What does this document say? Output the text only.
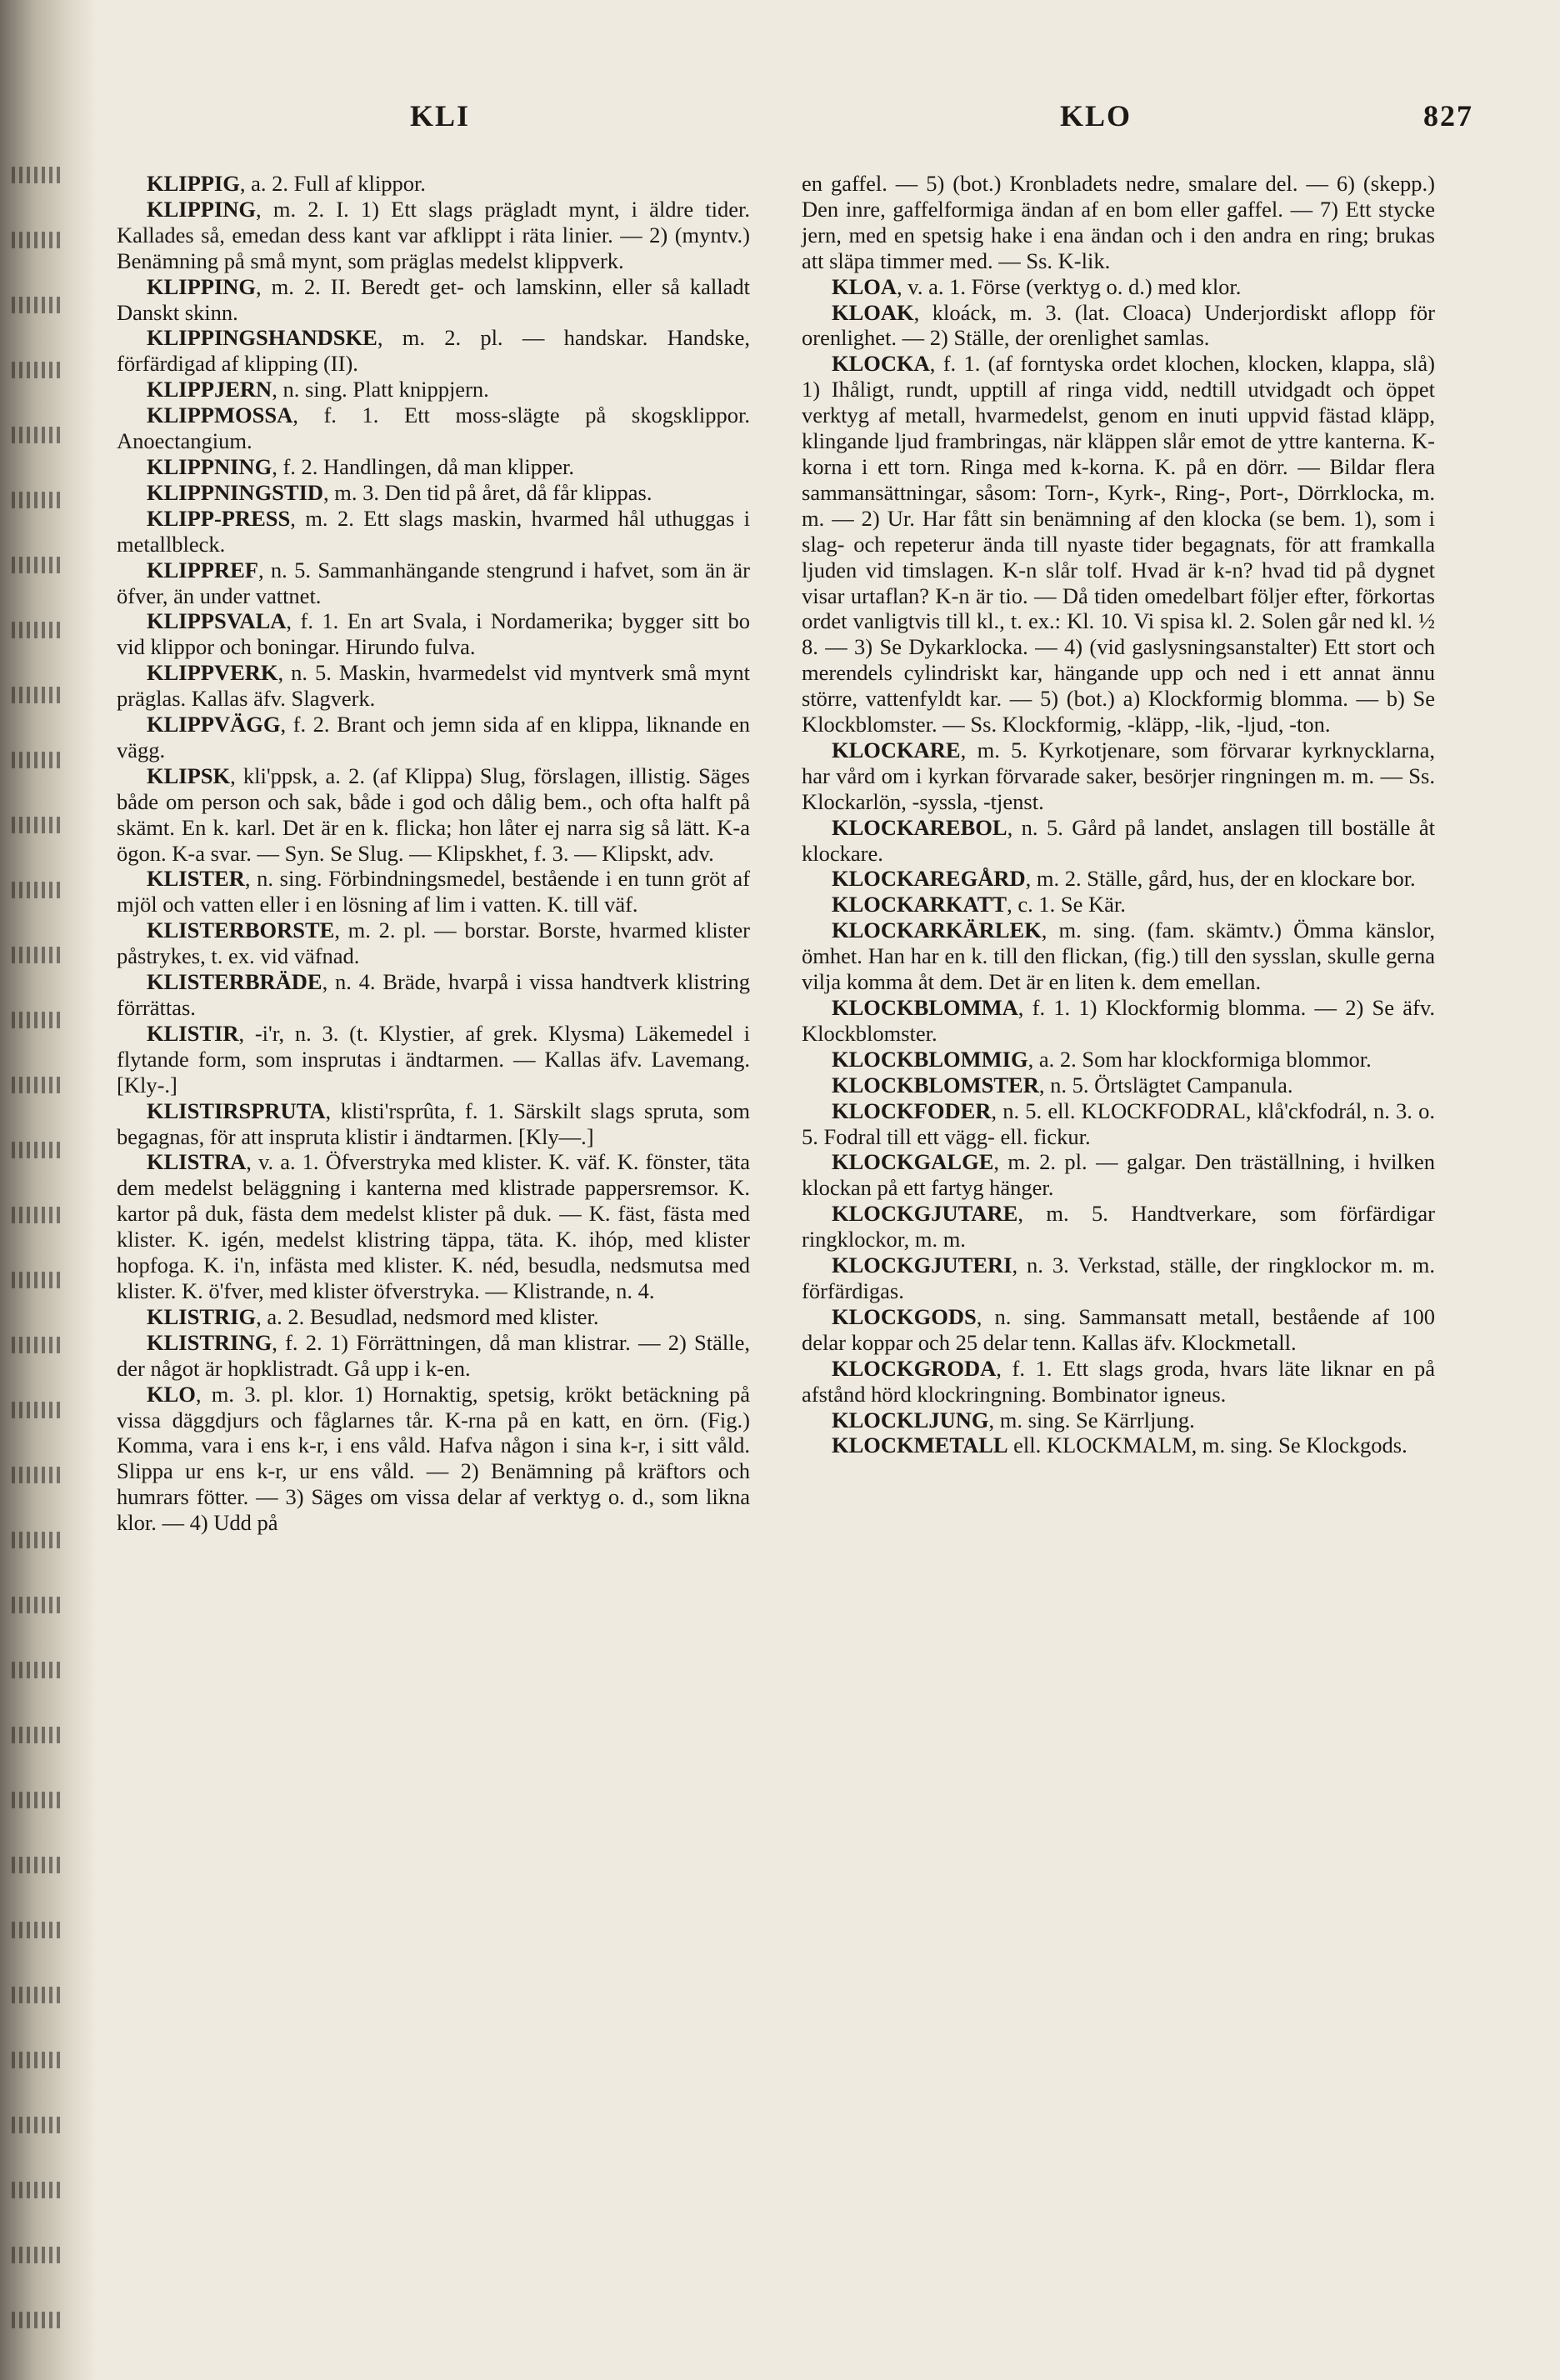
KLI	KLO	827

KLIPPIG, a. 2. Full af klippor.

KLIPPING, m. 2. I. 1) Ett slags prägladt mynt, i äldre tider. Kallades så, emedan dess kant var afklippt i räta linier. — 2) (myntv.) Benämning på små mynt, som präglas medelst klippverk.

KLIPPING, m. 2. II. Beredt get- och lamskinn, eller så kalladt Danskt skinn.

KLIPPINGSHANDSKE, m. 2. pl. — handskar. Handske, förfärdigad af klipping (II).

KLIPPJERN, n. sing. Platt knippjern.

KLIPPMOSSA, f. 1. Ett moss-slägte på skogsklippor. Anoectangium.

KLIPPNING, f. 2. Handlingen, då man klipper.

KLIPPNINGSTID, m. 3. Den tid på året, då får klippas.

KLIPP-PRESS, m. 2. Ett slags maskin, hvarmed hål uthuggas i metallbleck.

KLIPPREF, n. 5. Sammanhängande stengrund i hafvet, som än är öfver, än under vattnet.

KLIPPSVALA, f. 1. En art Svala, i Nordamerika; bygger sitt bo vid klippor och boningar. Hirundo fulva.

KLIPPVERK, n. 5. Maskin, hvarmedelst vid myntverk små mynt präglas. Kallas äfv. Slagverk.

KLIPPVÄGG, f. 2. Brant och jemn sida af en klippa, liknande en vägg.

KLIPSK, kli'ppsk, a. 2. (af Klippa) Slug, förslagen, illistig. Säges både om person och sak, både i god och dålig bem., och ofta halft på skämt. En k. karl. Det är en k. flicka; hon låter ej narra sig så lätt. K-a ögon. K-a svar. — Syn. Se Slug. — Klipskhet, f. 3. — Klipskt, adv.

KLISTER, n. sing. Förbindningsmedel, bestående i en tunn gröt af mjöl och vatten eller i en lösning af lim i vatten. K. till väf.

KLISTERBORSTE, m. 2. pl. — borstar. Borste, hvarmed klister påstrykes, t. ex. vid väfnad.

KLISTERBRÄDE, n. 4. Bräde, hvarpå i vissa handtverk klistring förrättas.

KLISTIR, -i'r, n. 3. (t. Klystier, af grek. Klysma) Läkemedel i flytande form, som insprutas i ändtarmen. — Kallas äfv. Lavemang. [Kly-.]

KLISTIRSPRUTA, klisti'rsprûta, f. 1. Särskilt slags spruta, som begagnas, för att insprutа klistir i ändtarmen. [Kly—.]

KLISTRA, v. a. 1. Öfverstryka med klister. K. väf. K. fönster, täta dem medelst beläggning i kanterna med klistrade pappersremsor. K. kartor på duk, fästa dem medelst klister på duk. — K. fäst, fästa med klister. K. igén, medelst klistring täppa, täta. K. ihóp, med klister hopfoga. K. i'n, infästa med klister. K. néd, besudla, nedsmutsa med klister. K. ö'fver, med klister öfverstryka. — Klistrande, n. 4.

KLISTRIG, a. 2. Besudlad, nedsmord med klister.

KLISTRING, f. 2. 1) Förrättningen, då man klistrar. — 2) Ställe, der något är hopklistradt. Gå upp i k-en.

KLO, m. 3. pl. klor. 1) Hornaktig, spetsig, krökt betäckning på vissa däggdjurs och fåglarnes tår. K-rna på en katt, en örn. (Fig.) Komma, vara i ens k-r, i ens våld. Hafva någon i sina k-r, i sitt våld. Slippa ur ens k-r, ur ens våld. — 2) Benämning på kräftors och humrars fötter. — 3) Säges om vissa delar af verktyg o. d., som likna klor. — 4) Udd på

en gaffel. — 5) (bot.) Kronbladets nedre, smalare del. — 6) (skepp.) Den inre, gaffelformiga ändan af en bom eller gaffel. — 7) Ett stycke jern, med en spetsig hake i ena ändan och i den andra en ring; brukas att släpa timmer med. — Ss. K-lik.

KLOA, v. a. 1. Förse (verktyg o. d.) med klor.

KLOAK, kloáck, m. 3. (lat. Cloaca) Underjordiskt aflopp för orenlighet. — 2) Ställe, der orenlighet samlas.

KLOCKA, f. 1. (af forntyska ordet klochen, klocken, klappa, slå) 1) Ihåligt, rundt, upptill af ringa vidd, nedtill utvidgadt och öppet verktyg af metall, hvarmedelst, genom en inuti uppvid fästad kläpp, klingande ljud frambringas, när kläppen slår emot de yttre kanterna. K-korna i ett torn. Ringa med k-korna. K. på en dörr. — Bildar flera sammansättningar, såsom: Torn-, Kyrk-, Ring-, Port-, Dörrklocka, m. m. — 2) Ur. Har fått sin benämning af den klocka (se bem. 1), som i slag- och repeterur ända till nyaste tider begagnats, för att framkalla ljuden vid timslagen. K-n slår tolf. Hvad är k-n? hvad tid på dygnet visar urtaflan? K-n är tio. — Då tiden omedelbart följer efter, förkortas ordet vanligtvis till kl., t. ex.: Kl. 10. Vi spisa kl. 2. Solen går ned kl. ½ 8. — 3) Se Dykarklocka. — 4) (vid gaslysningsanstalter) Ett stort och merendels cylindriskt kar, hängande upp och ned i ett annat ännu större, vattenfyldt kar. — 5) (bot.) a) Klockformig blomma. — b) Se Klockblomster. — Ss. Klockformig, -kläpp, -lik, -ljud, -ton.

KLOCKARE, m. 5. Kyrkotjenare, som förvarar kyrknycklarna, har vård om i kyrkan förvarade saker, besörjer ringningen m. m. — Ss. Klockarlön, -syssla, -tjenst.

KLOCKAREBOL, n. 5. Gård på landet, anslagen till boställe åt klockare.

KLOCKAREGÅRD, m. 2. Ställe, gård, hus, der en klockare bor.

KLOCKARKATT, c. 1. Se Kär.

KLOCKARKÄRLEK, m. sing. (fam. skämtv.) Ömma känslor, ömhet. Han har en k. till den flickan, (fig.) till den sysslan, skulle gerna vilja komma åt dem. Det är en liten k. dem emellan.

KLOCKBLOMMA, f. 1. 1) Klockformig blomma. — 2) Se äfv. Klockblomster.

KLOCKBLOMMIG, a. 2. Som har klockformiga blommor.

KLOCKBLOMSTER, n. 5. Örtslägtet Campanula.

KLOCKFODER, n. 5. ell. KLOCKFODRAL, klå'ckfodrál, n. 3. o. 5. Fodral till ett vägg- ell. fickur.

KLOCKGALGE, m. 2. pl. — galgar. Den träställning, i hvilken klockan på ett fartyg hänger.

KLOCKGJUTARE, m. 5. Handtverkare, som förfärdigar ringklockor, m. m.

KLOCKGJUTERI, n. 3. Verkstad, ställe, der ringklockor m. m. förfärdigas.

KLOCKGODS, n. sing. Sammansatt metall, bestående af 100 delar koppar och 25 delar tenn. Kallas äfv. Klockmetall.

KLOCKGRODA, f. 1. Ett slags groda, hvars läte liknar en på afstånd hörd klockringning. Bombinator igneus.

KLOCKLJUNG, m. sing. Se Kärrljung.

KLOCKMETALL ell. KLOCKMALM, m. sing. Se Klockgods.
